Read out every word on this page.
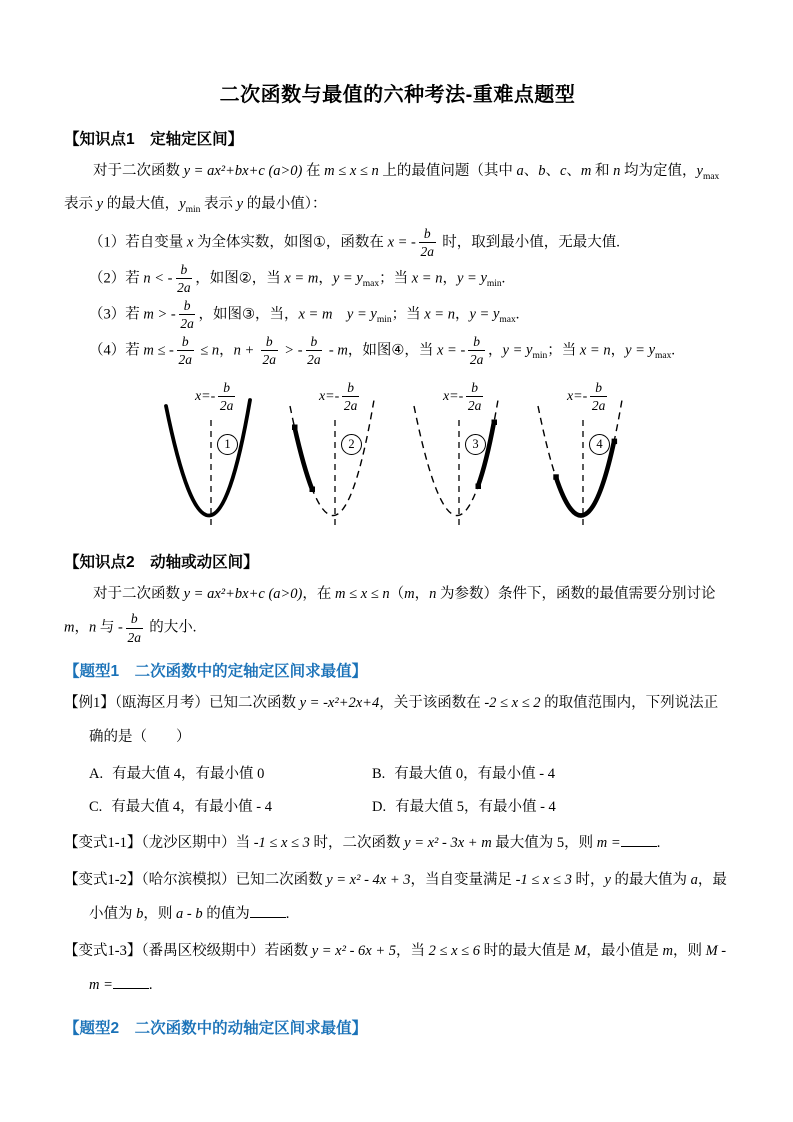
二次函数与最值的六种考法-重难点题型
【知识点1　定轴定区间】

对于二次函数 y = ax²+bx+c (a>0) 在 m ≤ x ≤ n 上的最值问题（其中 a、b、c、m 和 n 均为定值，$y_{max}$ 表示 y 的最大值，$y_{min}$ 表示 y 的最小值）：

（1）若自变量 x 为全体实数，如图①，函数在 x = - $\frac{b}{2a}$ 时，取到最小值，无最大值.

（2）若 n < - $\frac{b}{2a}$ ，如图②，当 x = m，$y = y_{max}$；当 x = n，$y = y_{min}$.

（3）若 m > - $\frac{b}{2a}$ ，如图③，当，x = m　 $y = y_{min}$；当 x = n，$y = y_{max}$.

（4）若 m ≤ - $\frac{b}{2a} \le n$，$n + \frac{b}{2a}$ > - $\frac{b}{2a}$ - m，如图④，当 x = - $\frac{b}{2a}$ ，$y = y_{min}$；当 x = n，$y = y_{max}$.

$x=- \frac{b}{2a}$
1
$x=- \frac{b}{2a}$
2
$x=- \frac{b}{2a}$
3
$x=- \frac{b}{2a}$
4
【知识点2　动轴或动区间】

对于二次函数 y = ax²+bx+c (a>0)，在 m ≤ x ≤ n（m，n 为参数）条件下，函数的最值需要分别讨论 m，n 与 - $\frac{b}{2a}$ 的大小.

【题型1　二次函数中的定轴定区间求最值】

【例1】（瓯海区月考）已知二次函数 y = -x²+2x+4，关于该函数在 -2 ≤ x ≤ 2 的取值范围内，下列说法正确的是（　　）

A. 有最大值 4，有最小值 0	B. 有最大值 0，有最小值 - 4
C. 有最大值 4，有最小值 - 4	D. 有最大值 5，有最小值 - 4

【变式1-1】（龙沙区期中）当 -1 ≤ x ≤ 3 时，二次函数 y = x² - 3x + m 最大值为 5，则 m = .

【变式1-2】（哈尔滨模拟）已知二次函数 y = x² - 4x + 3，当自变量满足 -1 ≤ x ≤ 3 时，y 的最大值为 a，最小值为 b，则 a - b 的值为 .

【变式1-3】（番禺区校级期中）若函数 y = x² - 6x + 5，当 2 ≤ x ≤ 6 时的最大值是 M，最小值是 m，则 M - m = .

【题型2　二次函数中的动轴定区间求最值】
